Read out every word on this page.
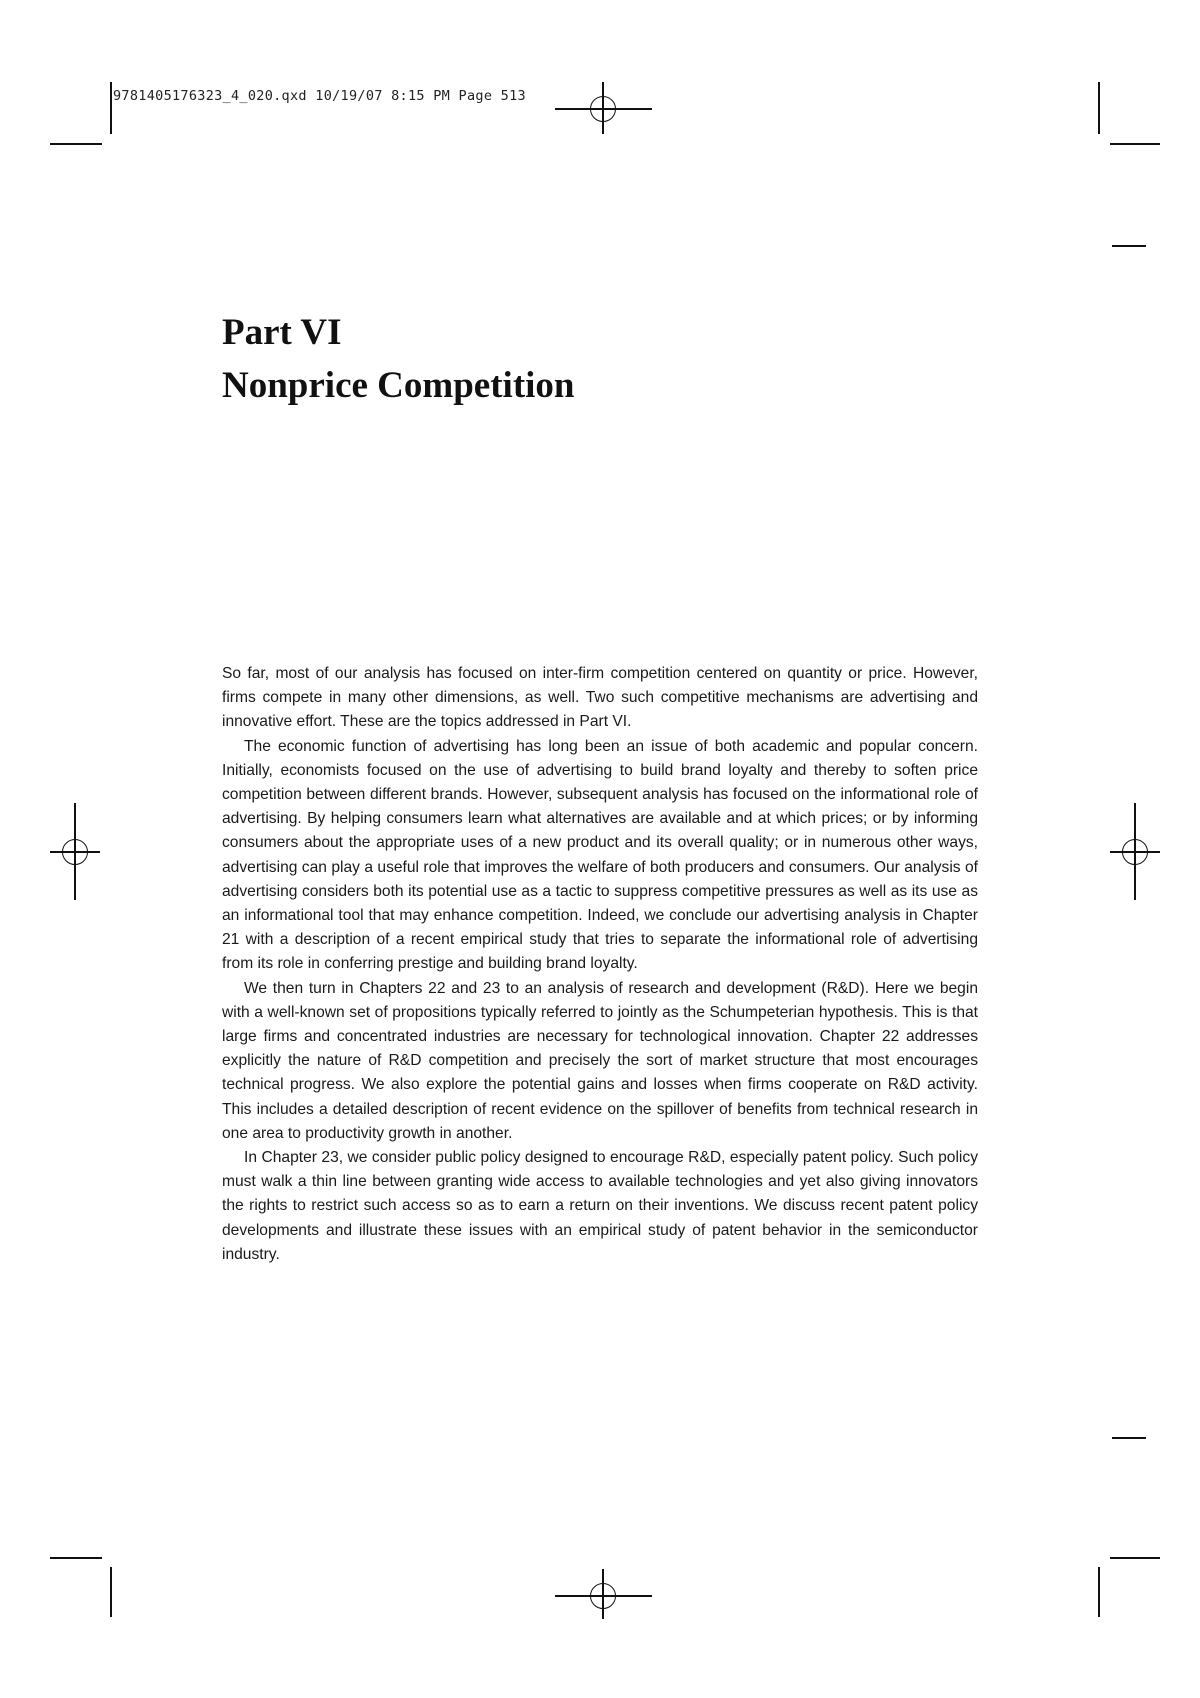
9781405176323_4_020.qxd 10/19/07 8:15 PM Page 513
Part VI
Nonprice Competition

So far, most of our analysis has focused on inter-firm competition centered on quantity or price. However, firms compete in many other dimensions, as well. Two such competitive mechanisms are advertising and innovative effort. These are the topics addressed in Part VI.

The economic function of advertising has long been an issue of both academic and popular concern. Initially, economists focused on the use of advertising to build brand loyalty and thereby to soften price competition between different brands. However, subsequent analysis has focused on the informational role of advertising. By helping consumers learn what alternatives are available and at which prices; or by informing consumers about the appropriate uses of a new product and its overall quality; or in numerous other ways, advertising can play a useful role that improves the welfare of both producers and consumers. Our analysis of advertising considers both its potential use as a tactic to suppress competitive pressures as well as its use as an informational tool that may enhance competition. Indeed, we conclude our advertising analysis in Chapter 21 with a description of a recent empirical study that tries to separate the informational role of advertising from its role in conferring prestige and building brand loyalty.

We then turn in Chapters 22 and 23 to an analysis of research and development (R&D). Here we begin with a well-known set of propositions typically referred to jointly as the Schumpeterian hypothesis. This is that large firms and concentrated industries are necessary for technological innovation. Chapter 22 addresses explicitly the nature of R&D competition and precisely the sort of market structure that most encourages technical progress. We also explore the potential gains and losses when firms cooperate on R&D activity. This includes a detailed description of recent evidence on the spillover of benefits from technical research in one area to productivity growth in another.

In Chapter 23, we consider public policy designed to encourage R&D, especially patent policy. Such policy must walk a thin line between granting wide access to available technologies and yet also giving innovators the rights to restrict such access so as to earn a return on their inventions. We discuss recent patent policy developments and illustrate these issues with an empirical study of patent behavior in the semiconductor industry.
